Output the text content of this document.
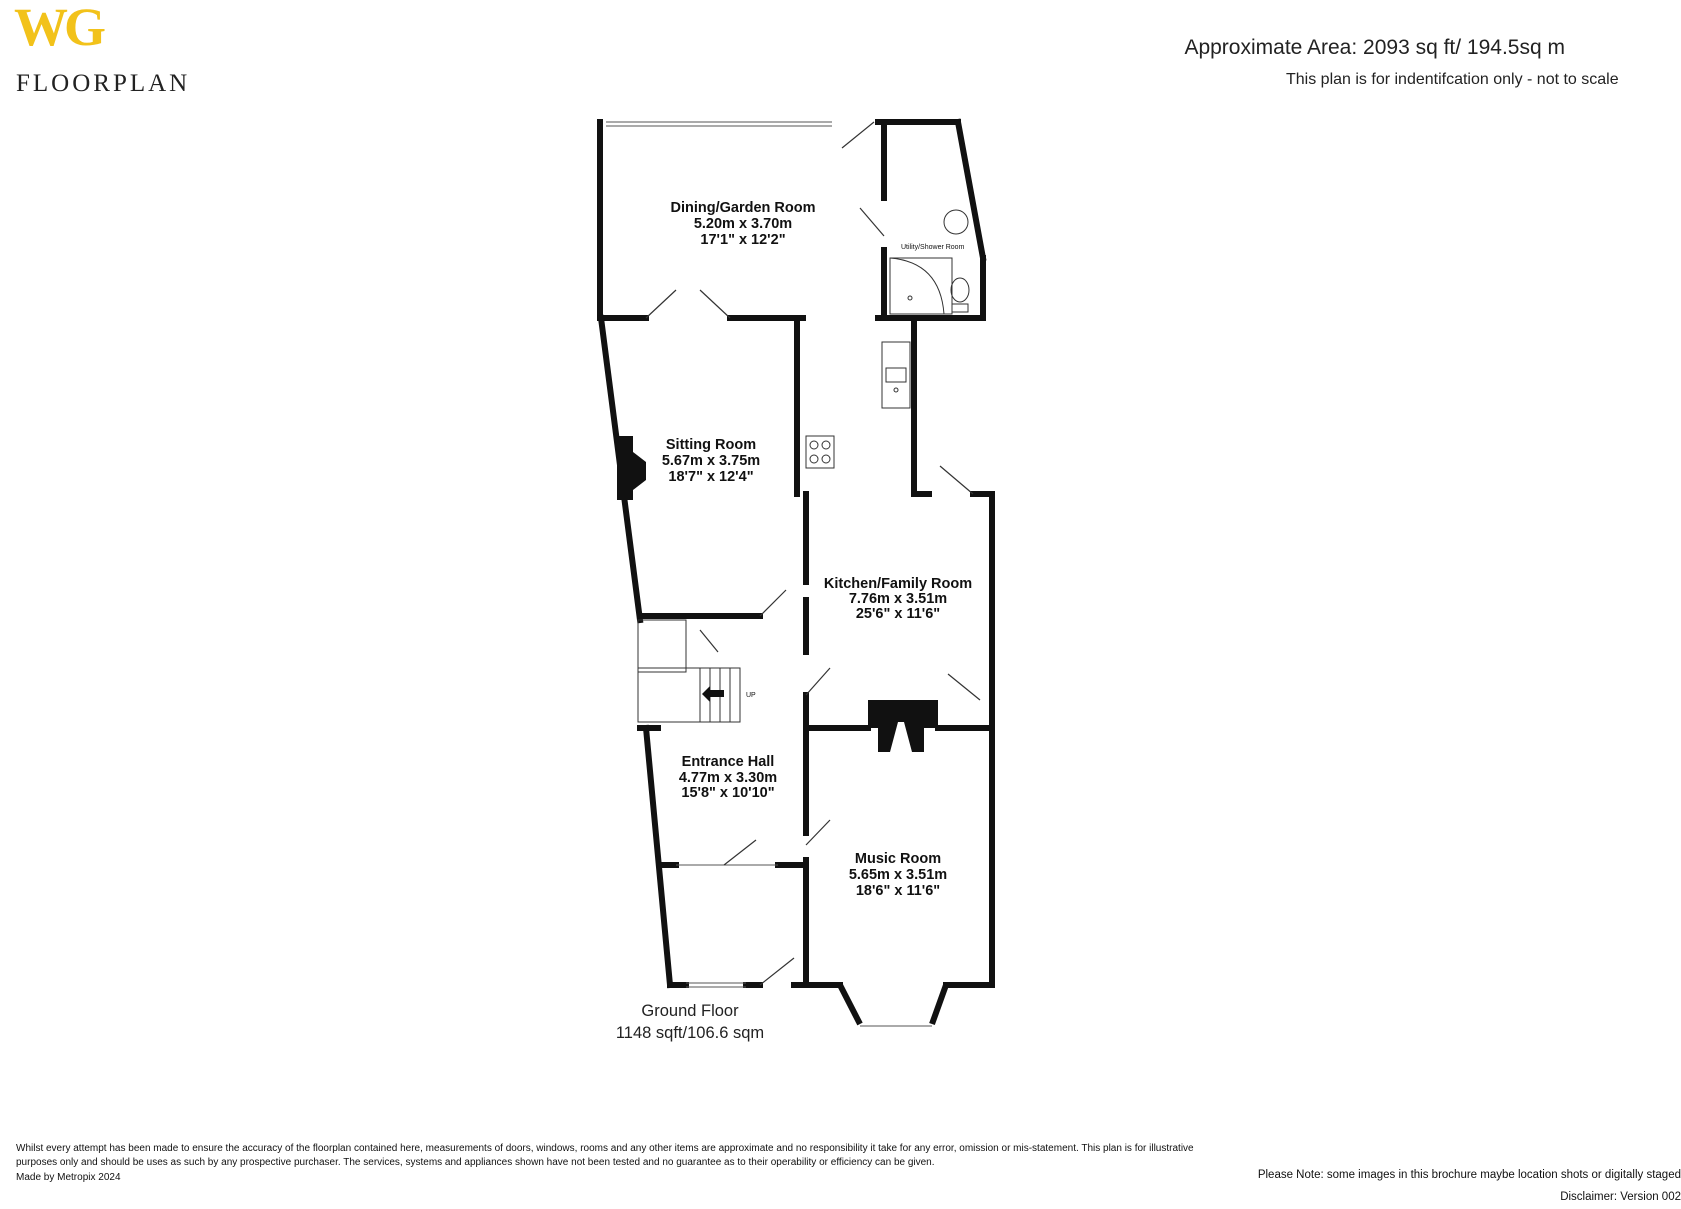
WG
FLOORPLAN
Approximate Area: 2093 sq ft/ 194.5sq m
This plan is for indentifcation only - not to scale
UP
Utility/Shower Room
Dining/Garden Room
5.20m x 3.70m
17'1" x 12'2"
Sitting Room
5.67m x 3.75m
18'7" x 12'4"
Kitchen/Family Room
7.76m x 3.51m
25'6" x 11'6"
Entrance Hall
4.77m x 3.30m
15'8" x 10'10"
Music Room
5.65m x 3.51m
18'6" x 11'6"
Ground Floor
1148 sqft/106.6 sqm
Whilst every attempt has been made to ensure the accuracy of the floorplan contained here, measurements of doors, windows, rooms and any other items are approximate and no responsibility it take for any error, omission or mis-statement. This plan is for illustrative purposes only and should be uses as such by any prospective purchaser. The services, systems and appliances shown have not been tested and no guarantee as to their operability or efficiency can be given.
Made by Metropix 2024	Please Note: some images in this brochure maybe location shots or digitally staged
Disclaimer: Version 002
